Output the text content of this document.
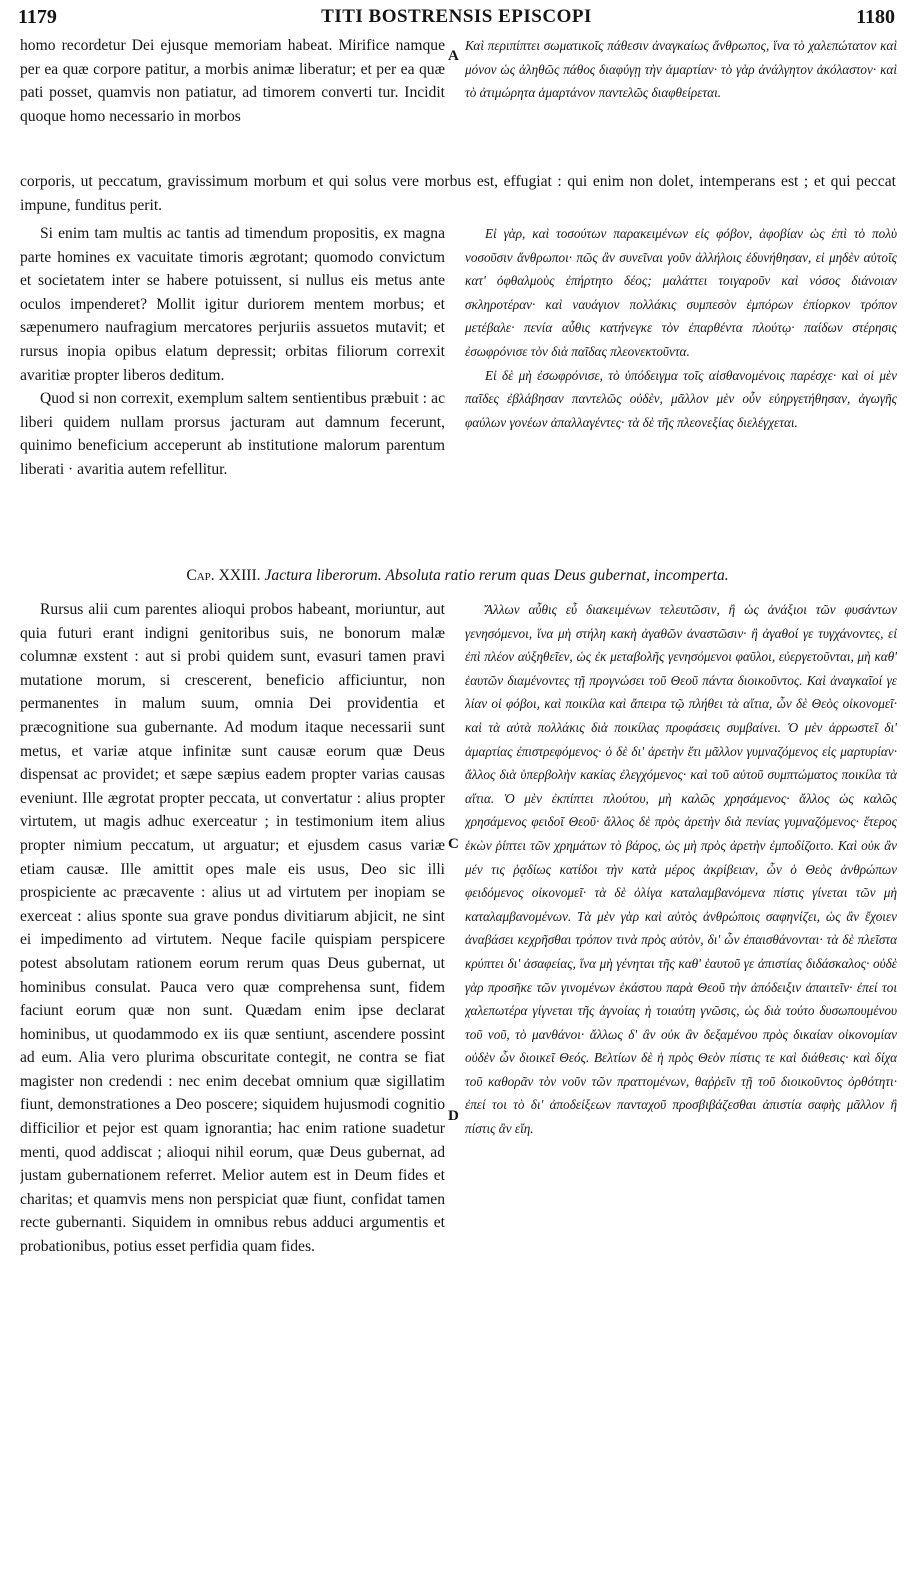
1179	TITI BOSTRENSIS EPISCOPI	1180

homo recordetur Dei ejusque memoriam habeat. Mirifice namque per ea quæ corpore patitur, a morbis animæ liberatur; et per ea quæ pati posset, quamvis non patiatur, ad timorem converti tur. Incidit quoque homo necessario in morbos

A

Καὶ περιπίπτει σωματικοῖς πάθεσιν ἀναγκαίως ἄνθρωπος, ἵνα τὸ χαλεπώτατον καὶ μόνον ὡς ἀληθῶς πάθος διαφύγῃ τὴν ἁμαρτίαν· τὸ γὰρ ἀνάλγητον ἀκόλαστον· καὶ τὸ ἀτιμώρητα ἁμαρτάνον παντελῶς διαφθείρεται.

corporis, ut peccatum, gravissimum morbum et qui solus vere morbus est, effugiat : qui enim non dolet, intemperans est ; et qui peccat impune, funditus perit.

Si enim tam multis ac tantis ad timendum propositis, ex magna parte homines ex vacuitate timoris ægrotant; quomodo convictum et societatem inter se habere potuissent, si nullus eis metus ante oculos impenderet? Mollit igitur duriorem mentem morbus; et sæpenumero naufragium mercatores perjuriis assuetos mutavit; et rursus inopia opibus elatum depressit; orbitas filiorum correxit avaritiæ propter liberos deditum.

Quod si non correxit, exemplum saltem sentientibus præbuit : ac liberi quidem nullam prorsus jacturam aut damnum fecerunt, quinimo beneficium acceperunt ab institutione malorum parentum liberati · avaritia autem refellitur.

Εἰ γὰρ, καὶ τοσούτων παρακειμένων εἰς φόβον, ἀφοβίαν ὡς ἐπὶ τὸ πολὺ νοσοῦσιν ἄνθρωποι· πῶς ἂν συνεῖναι γοῦν ἀλλήλοις ἐδυνήθησαν, εἰ μηδὲν αὐτοῖς κατ' ὀφθαλμοὺς ἐπήρτητο δέος; μαλάττει τοιγαροῦν καὶ νόσος διάνοιαν σκληροτέραν· καὶ ναυάγιον πολλάκις συμπεσὸν ἐμπόρων ἐπίορκον τρόπον μετέβαλε· πενία αὖθις κατήνεγκε τὸν ἐπαρθέντα πλούτῳ· παίδων στέρησις ἐσωφρόνισε τὸν διὰ παῖδας πλεονεκτοῦντα.

Εἰ δὲ μὴ ἐσωφρόνισε, τὸ ὑπόδειγμα τοῖς αἰσθανομένοις παρέσχε· καὶ οἱ μὲν παῖδες ἐβλάβησαν παντελῶς οὐδὲν, μᾶλλον μὲν οὖν εὐηργετήθησαν, ἀγωγῆς φαύλων γονέων ἀπαλλαγέντες· τὰ δὲ τῆς πλεονεξίας διελέγχεται.

Cap. XXIII. Jactura liberorum. Absoluta ratio rerum quas Deus gubernat, incomperta.

Rursus alii cum parentes alioqui probos habeant, moriuntur, aut quia futuri erant indigni genitoribus suis, ne bonorum malæ columnæ exstent : aut si probi quidem sunt, evasuri tamen pravi mutatione morum, si crescerent, beneficio afficiuntur, non permanentes in malum suum, omnia Dei providentia et præcognitione sua gubernante. Ad modum itaque necessarii sunt metus, et variæ atque infinitæ sunt causæ eorum quæ Deus dispensat ac providet; et sæpe sæpius eadem propter varias causas eveniunt. Ille ægrotat propter peccata, ut convertatur : alius propter virtutem, ut magis adhuc exerceatur ; in testimonium item alius propter nimium peccatum, ut arguatur; et ejusdem casus variæ etiam causæ. Ille amittit opes male eis usus, Deo sic illi prospiciente ac præcavente : alius ut ad virtutem per inopiam se exerceat : alius sponte sua grave pondus divitiarum abjicit, ne sint ei impedimento ad virtutem. Neque facile quispiam perspicere potest absolutam rationem eorum rerum quas Deus gubernat, ut hominibus consulat. Pauca vero quæ comprehensa sunt, fidem faciunt eorum quæ non sunt. Quædam enim ipse declarat hominibus, ut quodammodo ex iis quæ sentiunt, ascendere possint ad eum. Alia vero plurima obscuritate contegit, ne contra se fiat magister non credendi : nec enim decebat omnium quæ sigillatim fiunt, demonstrationes a Deo poscere; siquidem hujusmodi cognitio difficilior et pejor est quam ignorantia; hac enim ratione suadetur menti, quod addiscat ; alioqui nihil eorum, quæ Deus gubernat, ad justam gubernationem referret. Melior autem est in Deum fides et charitas; et quamvis mens non perspiciat quæ fiunt, confidat tamen recte gubernanti. Siquidem in omnibus rebus adduci argumentis et probationibus, potius esset perfidia quam fides.

C
D

Ἄλλων αὖθις εὖ διακειμένων τελευτῶσιν, ἢ ὡς ἀνάξιοι τῶν φυσάντων γενησόμενοι, ἵνα μὴ στήλη κακὴ ἀγαθῶν ἀναστῶσιν· ἢ ἀγαθοί γε τυγχάνοντες, εἰ ἐπὶ πλέον αὐξηθεῖεν, ὡς ἐκ μεταβολῆς γενησόμενοι φαῦλοι, εὐεργετοῦνται, μὴ καθ' ἑαυτῶν διαμένοντες τῇ προγνώσει τοῦ Θεοῦ πάντα διοικοῦντος. Καὶ ἀναγκαῖοί γε λίαν οἱ φόβοι, καὶ ποικίλα καὶ ἄπειρα τῷ πλήθει τὰ αἴτια, ὧν δὲ Θεὸς οἰκονομεῖ· καὶ τὰ αὐτὰ πολλάκις διὰ ποικίλας προφάσεις συμβαίνει. Ὁ μὲν ἀρρωστεῖ δι' ἁμαρτίας ἐπιστρεφόμενος· ὁ δὲ δι' ἀρετὴν ἔτι μᾶλλον γυμναζόμενος εἰς μαρτυρίαν· ἄλλος διὰ ὑπερβολὴν κακίας ἐλεγχόμενος· καὶ τοῦ αὐτοῦ συμπτώματος ποικίλα τὰ αἴτια. Ὁ μὲν ἐκπίπτει πλούτου, μὴ καλῶς χρησάμενος· ἄλλος ὡς καλῶς χρησάμενος φειδοῖ Θεοῦ· ἄλλος δὲ πρὸς ἀρετὴν διὰ πενίας γυμναζόμενος· ἕτερος ἑκὼν ῥίπτει τῶν χρημάτων τὸ βάρος, ὡς μὴ πρὸς ἀρετὴν ἐμποδίζοιτο. Καὶ οὐκ ἂν μέν τις ῥᾳδίως κατίδοι τὴν κατὰ μέρος ἀκρίβειαν, ὧν ὁ Θεὸς ἀνθρώπων φειδόμενος οἰκονομεῖ· τὰ δὲ ὀλίγα καταλαμβανόμενα πίστις γίνεται τῶν μὴ καταλαμβανομένων. Τὰ μὲν γὰρ καὶ αὐτὸς ἀνθρώποις σαφηνίζει, ὡς ἂν ἔχοιεν ἀναβάσει κεχρῆσθαι τρόπον τινὰ πρὸς αὐτὸν, δι' ὧν ἐπαισθάνονται· τὰ δὲ πλεῖστα κρύπτει δι' ἀσαφείας, ἵνα μὴ γένηται τῆς καθ' ἑαυτοῦ γε ἀπιστίας διδάσκαλος· οὐδὲ γὰρ προσῆκε τῶν γινομένων ἑκάστου παρὰ Θεοῦ τὴν ἀπόδειξιν ἀπαιτεῖν· ἐπεί τοι χαλεπωτέρα γίγνεται τῆς ἀγνοίας ἡ τοιαύτη γνῶσις, ὡς διὰ τούτο δυσωπουμένου τοῦ νοῦ, τὸ μανθάνοι· ἄλλως δ' ἂν οὐκ ἂν δεξαμένου πρὸς δικαίαν οἰκονομίαν οὐδὲν ὧν διοικεῖ Θεός. Βελτίων δὲ ἡ πρὸς Θεὸν πίστις τε καὶ διάθεσις· καὶ δίχα τοῦ καθορᾶν τὸν νοῦν τῶν πραττομένων, θαῤῥεῖν τῇ τοῦ διοικοῦντος ὀρθότητι· ἐπεί τοι τὸ δι' ἀποδείξεων πανταχοῦ προσβιβάζεσθαι ἀπιστία σαφὴς μᾶλλον ἢ πίστις ἂν εἴη.
